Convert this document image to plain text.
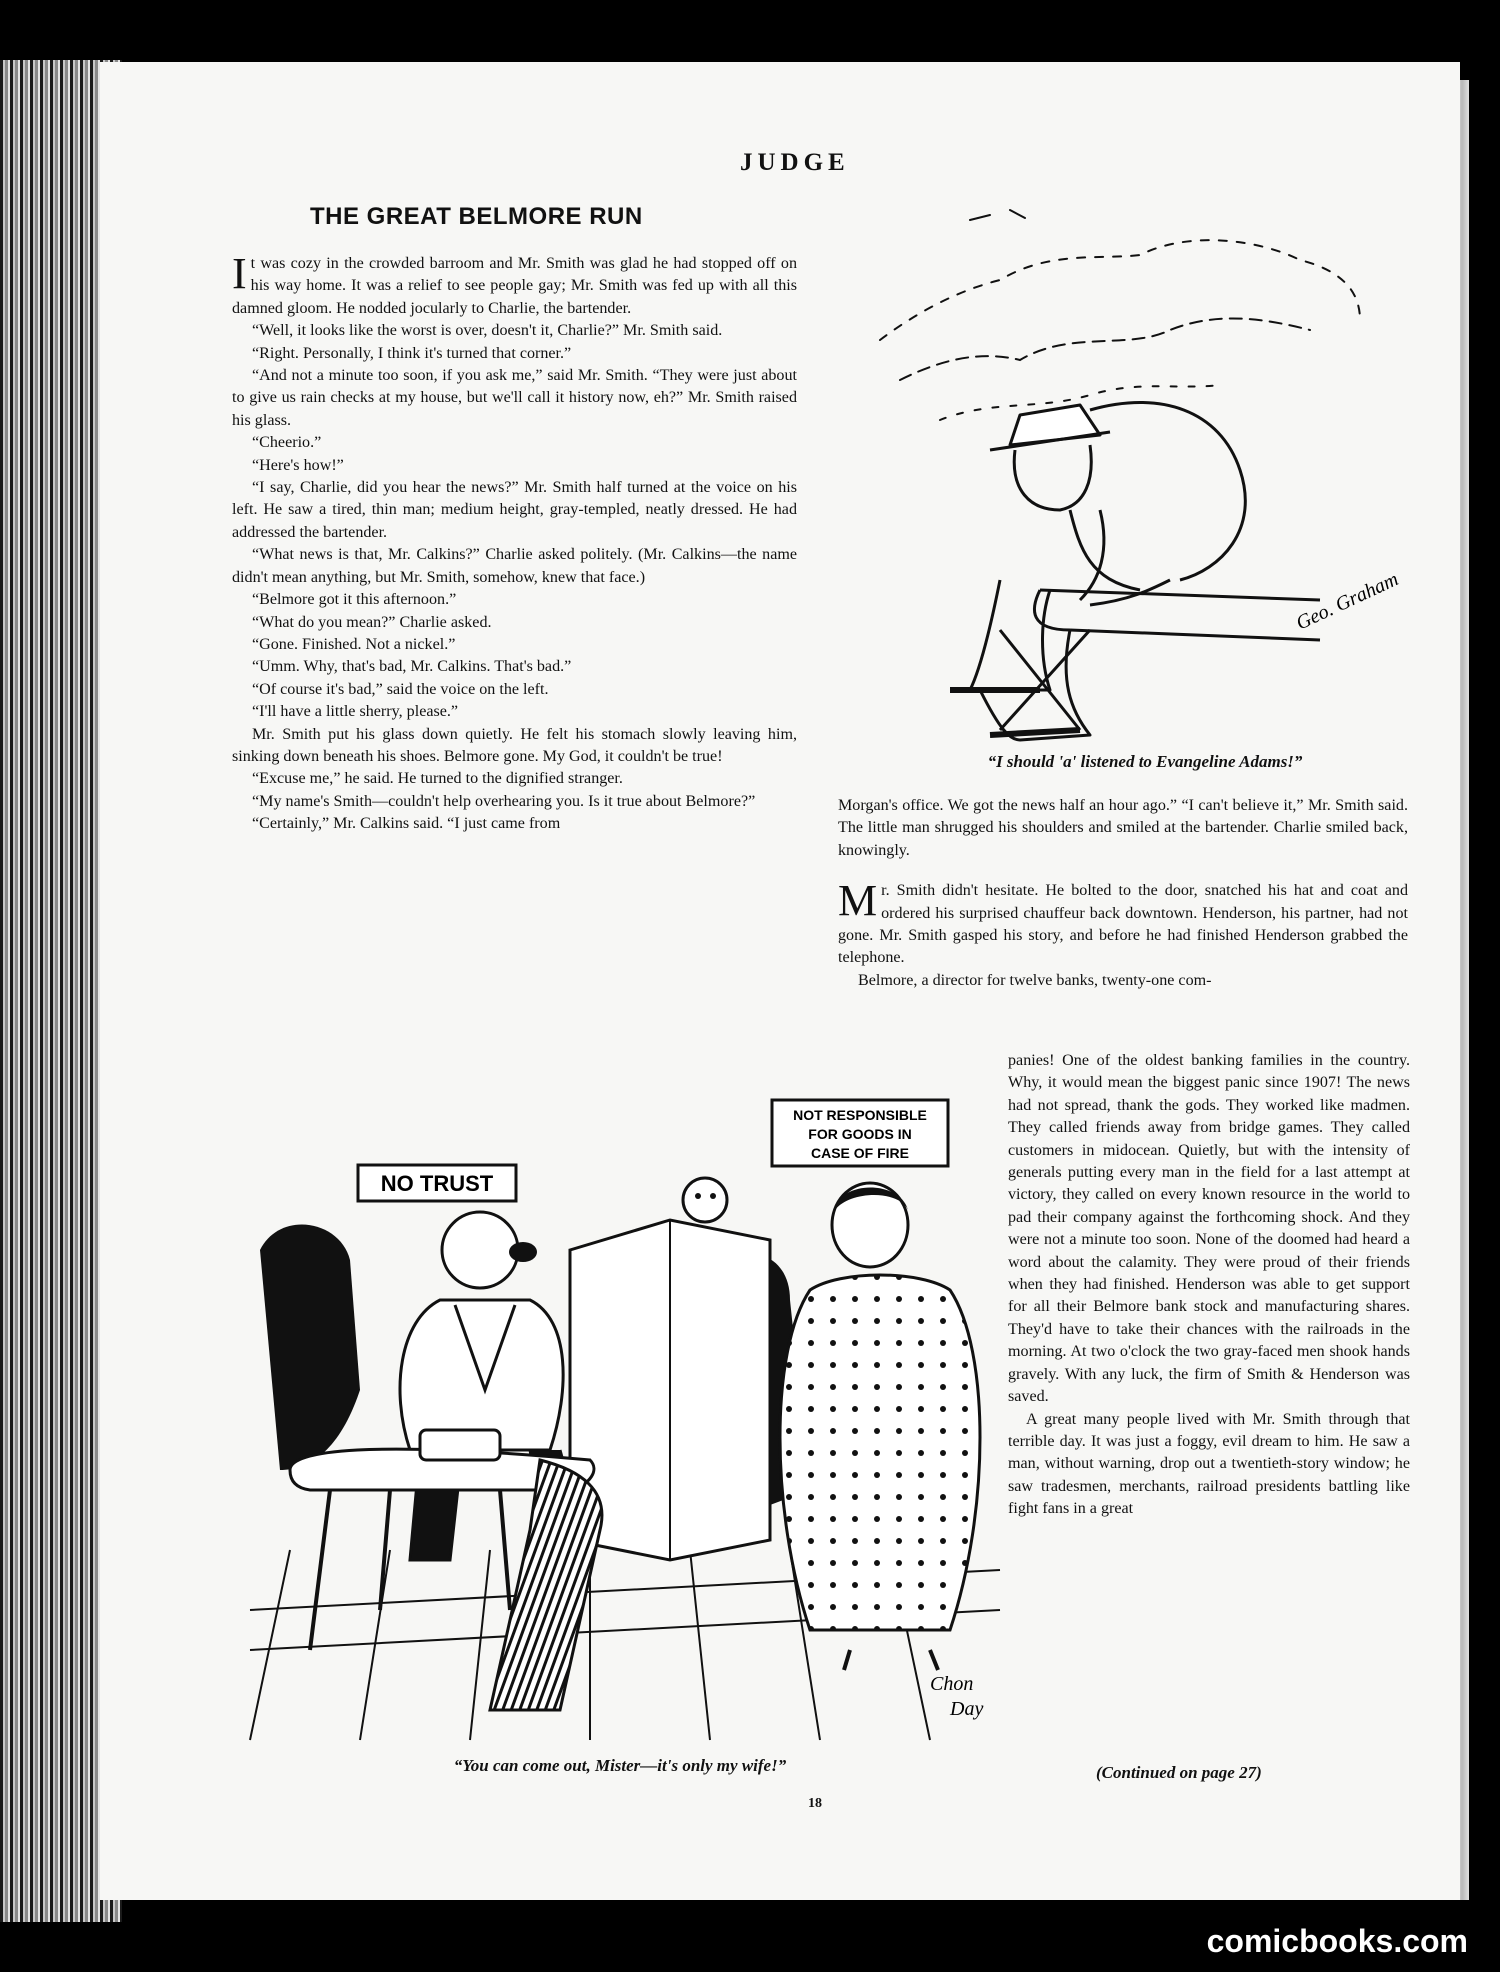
JUDGE
THE GREAT BELMORE RUN

It was cozy in the crowded barroom and Mr. Smith was glad he had stopped off on his way home. It was a relief to see people gay; Mr. Smith was fed up with all this damned gloom. He nodded jocularly to Charlie, the bartender.

“Well, it looks like the worst is over, doesn't it, Charlie?” Mr. Smith said.

“Right. Personally, I think it's turned that corner.”

“And not a minute too soon, if you ask me,” said Mr. Smith. “They were just about to give us rain checks at my house, but we'll call it history now, eh?” Mr. Smith raised his glass.

“Cheerio.”

“Here's how!”

“I say, Charlie, did you hear the news?” Mr. Smith half turned at the voice on his left. He saw a tired, thin man; medium height, gray-templed, neatly dressed. He had addressed the bartender.

“What news is that, Mr. Calkins?” Charlie asked politely. (Mr. Calkins—the name didn't mean anything, but Mr. Smith, somehow, knew that face.)

“Belmore got it this afternoon.”

“What do you mean?” Charlie asked.

“Gone. Finished. Not a nickel.”

“Umm. Why, that's bad, Mr. Calkins. That's bad.”

“Of course it's bad,” said the voice on the left.

“I'll have a little sherry, please.”

Mr. Smith put his glass down quietly. He felt his stomach slowly leaving him, sinking down beneath his shoes. Belmore gone. My God, it couldn't be true!

“Excuse me,” he said. He turned to the dignified stranger.

“My name's Smith—couldn't help overhearing you. Is it true about Belmore?”

“Certainly,” Mr. Calkins said. “I just came from

Geo. Graham
“I should 'a' listened to Evangeline Adams!”

Morgan's office. We got the news half an hour ago.” “I can't believe it,” Mr. Smith said. The little man shrugged his shoulders and smiled at the bartender. Charlie smiled back, knowingly.

Mr. Smith didn't hesitate. He bolted to the door, snatched his hat and coat and ordered his surprised chauffeur back downtown. Henderson, his partner, had not gone. Mr. Smith gasped his story, and before he had finished Henderson grabbed the telephone.

Belmore, a director for twelve banks, twenty-one com-

panies! One of the oldest banking families in the country. Why, it would mean the biggest panic since 1907! The news had not spread, thank the gods. They worked like madmen. They called friends away from bridge games. They called customers in midocean. Quietly, but with the intensity of generals putting every man in the field for a last attempt at victory, they called on every known resource in the world to pad their company against the forthcoming shock. And they were not a minute too soon. None of the doomed had heard a word about the calamity. They were proud of their friends when they had finished. Henderson was able to get support for all their Belmore bank stock and manufacturing shares. They'd have to take their chances with the railroads in the morning. At two o'clock the two gray-faced men shook hands gravely. With any luck, the firm of Smith & Henderson was saved.

A great many people lived with Mr. Smith through that terrible day. It was just a foggy, evil dream to him. He saw a man, without warning, drop out a twentieth-story window; he saw tradesmen, merchants, railroad presidents battling like fight fans in a great

(Continued on page 27)
NO TRUST
NOT RESPONSIBLE
FOR GOODS IN
CASE OF FIRE
Chon
Day
“You can come out, Mister—it's only my wife!”
18
comicbooks.com
